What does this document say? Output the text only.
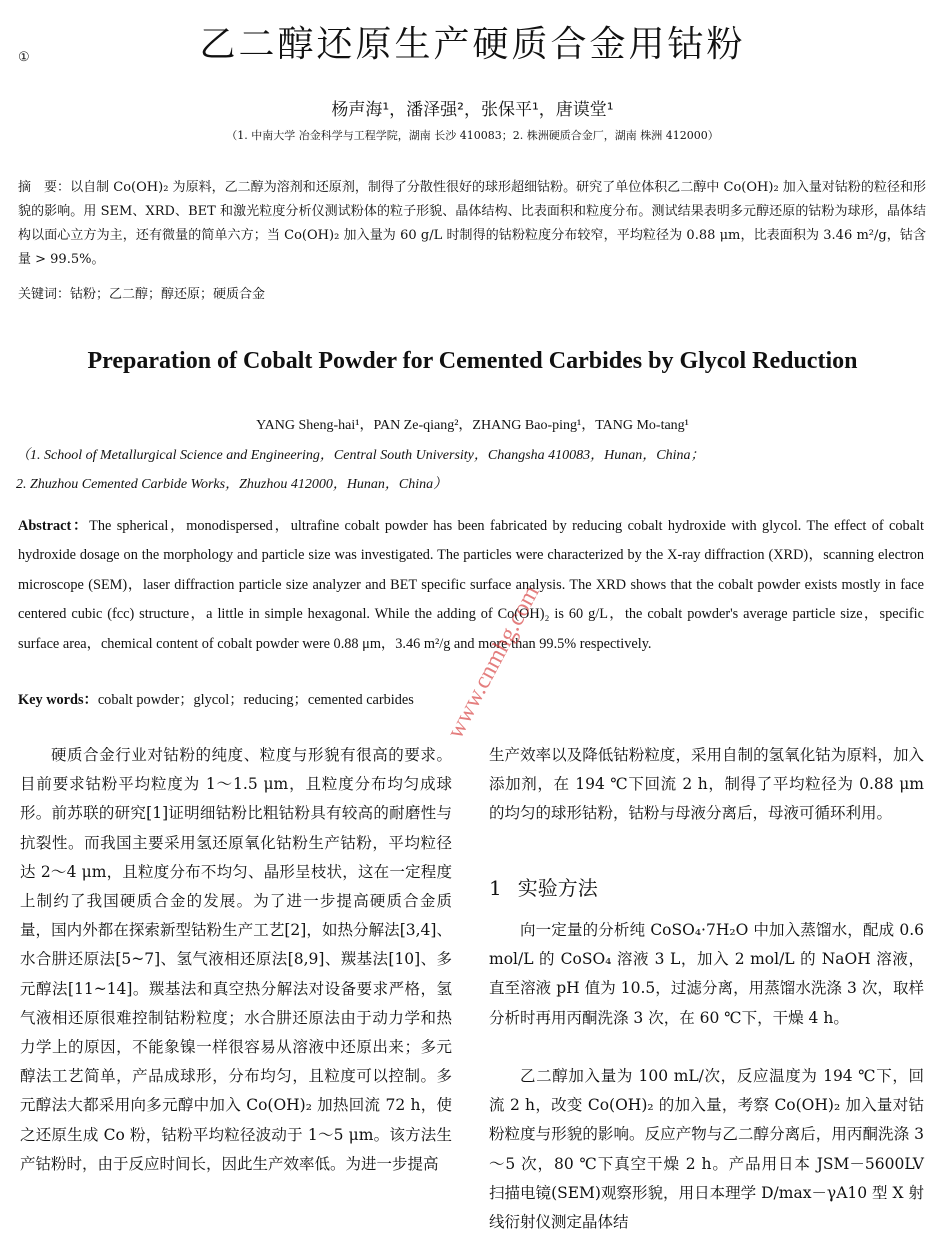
乙二醇还原生产硬质合金用钴粉
①
杨声海¹，潘泽强²，张保平¹，唐谟堂¹
（1. 中南大学 冶金科学与工程学院，湖南 长沙 410083；2. 株洲硬质合金厂，湖南 株洲 412000）
摘　要：以自制 Co(OH)₂ 为原料，乙二醇为溶剂和还原剂，制得了分散性很好的球形超细钴粉。研究了单位体积乙二醇中 Co(OH)₂ 加入量对钴粉的粒径和形貌的影响。用 SEM、XRD、BET 和激光粒度分析仪测试粉体的粒子形貌、晶体结构、比表面积和粒度分布。测试结果表明多元醇还原的钴粉为球形，晶体结构以面心立方为主，还有微量的简单六方；当 Co(OH)₂ 加入量为 60 g/L 时制得的钴粉粒度分布较窄，平均粒径为 0.88 μm，比表面积为 3.46 m²/g，钴含量 > 99.5%。
关键词：钴粉；乙二醇；醇还原；硬质合金
Preparation of Cobalt Powder for Cemented Carbides by Glycol Reduction
YANG Sheng-hai¹，PAN Ze-qiang²，ZHANG Bao-ping¹，TANG Mo-tang¹
（1. School of Metallurgical Science and Engineering，Central South University，Changsha 410083，Hunan，China；
2. Zhuzhou Cemented Carbide Works，Zhuzhou 412000，Hunan，China）
Abstract：The spherical，monodispersed，ultrafine cobalt powder has been fabricated by reducing cobalt hydroxide with glycol. The effect of cobalt hydroxide dosage on the morphology and particle size was investigated. The particles were characterized by the X-ray diffraction (XRD)，scanning electron microscope (SEM)，laser diffraction particle size analyzer and BET specific surface analysis. The XRD shows that the cobalt powder exists mostly in face centered cubic (fcc) structure，a little in simple hexagonal. While the adding of Co(OH)₂ is 60 g/L，the cobalt powder's average particle size，specific surface area，chemical content of cobalt powder were 0.88 μm，3.46 m²/g and more than 99.5% respectively.
Key words：cobalt powder；glycol；reducing；cemented carbides
硬质合金行业对钴粉的纯度、粒度与形貌有很高的要求。目前要求钴粉平均粒度为 1～1.5 μm，且粒度分布均匀成球形。前苏联的研究[1]证明细钴粉比粗钴粉具有较高的耐磨性与抗裂性。而我国主要采用氢还原氧化钴粉生产钴粉，平均粒径达 2～4 μm，且粒度分布不均匀、晶形呈枝状，这在一定程度上制约了我国硬质合金的发展。为了进一步提高硬质合金质量，国内外都在探索新型钴粉生产工艺[2]，如热分解法[3,4]、水合肼还原法[5~7]、氢气液相还原法[8,9]、羰基法[10]、多元醇法[11~14]。羰基法和真空热分解法对设备要求严格，氢气液相还原很难控制钴粉粒度；水合肼还原法由于动力学和热力学上的原因，不能象镍一样很容易从溶液中还原出来；多元醇法工艺简单，产品成球形，分布均匀，且粒度可以控制。多元醇法大都采用向多元醇中加入 Co(OH)₂ 加热回流 72 h，使之还原生成 Co 粉，钴粉平均粒径波动于 1～5 μm。该方法生产钴粉时，由于反应时间长，因此生产效率低。为进一步提高
生产效率以及降低钴粉粒度，采用自制的氢氧化钴为原料，加入添加剂，在 194 ℃下回流 2 h，制得了平均粒径为 0.88 μm 的均匀的球形钴粉，钴粉与母液分离后，母液可循环利用。
1 实验方法
向一定量的分析纯 CoSO₄·7H₂O 中加入蒸馏水，配成 0.6 mol/L 的 CoSO₄ 溶液 3 L，加入 2 mol/L 的 NaOH 溶液，直至溶液 pH 值为 10.5，过滤分离，用蒸馏水洗涤 3 次，取样分析时再用丙酮洗涤 3 次，在 60 ℃下，干燥 4 h。
乙二醇加入量为 100 mL/次，反应温度为 194 ℃下，回流 2 h，改变 Co(OH)₂ 的加入量，考察 Co(OH)₂ 加入量对钴粉粒度与形貌的影响。反应产物与乙二醇分离后，用丙酮洗涤 3～5 次，80 ℃下真空干燥 2 h。产品用日本 JSM－5600LV 扫描电镜(SEM)观察形貌，用日本理学 D/max－γA10 型 X 射线衍射仪测定晶体结
www.cnmhg.com
